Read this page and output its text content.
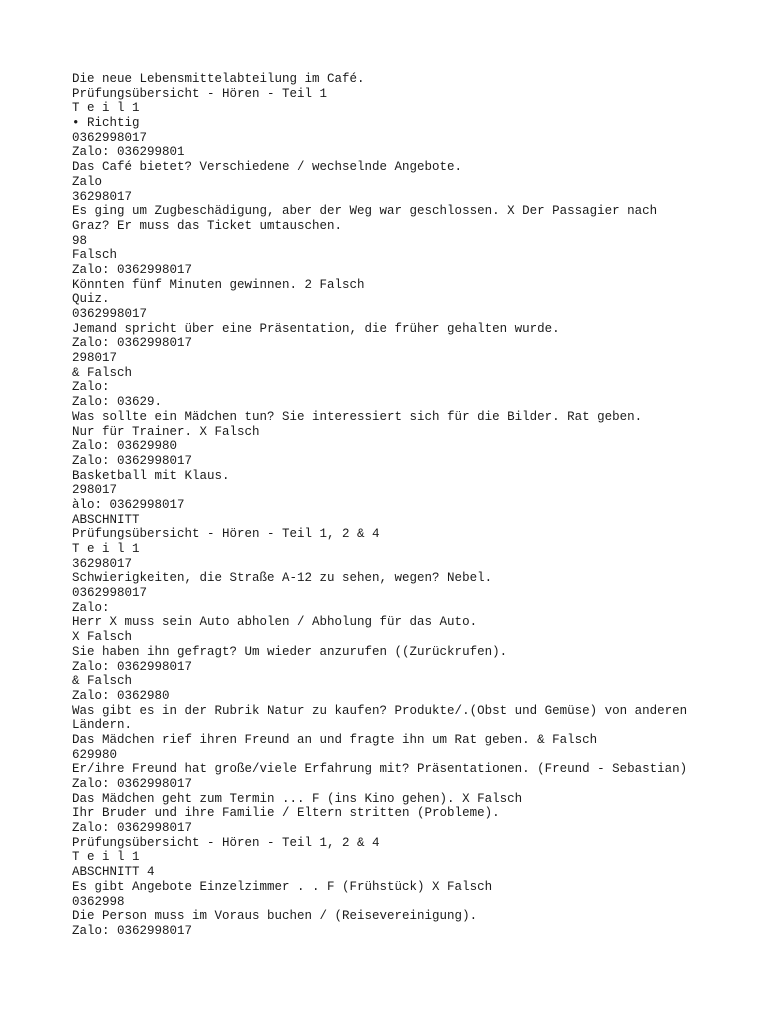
Die neue Lebensmittelabteilung im Café.
Prüfungsübersicht - Hören - Teil 1
T e i l 1
• Richtig
0362998017
Zalo: 036299801
Das Café bietet? Verschiedene / wechselnde Angebote.
Zalo
36298017
Es ging um Zugbeschädigung, aber der Weg war geschlossen. X Der Passagier nach
Graz? Er muss das Ticket umtauschen.
98
Falsch
Zalo: 0362998017
Könnten fünf Minuten gewinnen. 2 Falsch
Quiz.
0362998017
Jemand spricht über eine Präsentation, die früher gehalten wurde.
Zalo: 0362998017
298017
& Falsch
Zalo:
Zalo: 03629.
Was sollte ein Mädchen tun? Sie interessiert sich für die Bilder. Rat geben.
Nur für Trainer. X Falsch
Zalo: 03629980
Zalo: 0362998017
Basketball mit Klaus.
298017
àlo: 0362998017
ABSCHNITT
Prüfungsübersicht - Hören - Teil 1, 2 & 4
T e i l 1
36298017
Schwierigkeiten, die Straße A-12 zu sehen, wegen? Nebel.
0362998017
Zalo:
Herr X muss sein Auto abholen / Abholung für das Auto.
X Falsch
Sie haben ihn gefragt? Um wieder anzurufen ((Zurückrufen).
Zalo: 0362998017
& Falsch
Zalo: 0362980
Was gibt es in der Rubrik Natur zu kaufen? Produkte/.(Obst und Gemüse) von anderen
Ländern.
Das Mädchen rief ihren Freund an und fragte ihn um Rat geben. & Falsch
629980
Er/ihre Freund hat große/viele Erfahrung mit? Präsentationen. (Freund - Sebastian)
Zalo: 0362998017
Das Mädchen geht zum Termin ... F (ins Kino gehen). X Falsch
Ihr Bruder und ihre Familie / Eltern stritten (Probleme).
Zalo: 0362998017
Prüfungsübersicht - Hören - Teil 1, 2 & 4
T e i l 1
ABSCHNITT 4
Es gibt Angebote Einzelzimmer . . F (Frühstück) X Falsch
0362998
Die Person muss im Voraus buchen / (Reisevereinigung).
Zalo: 0362998017
